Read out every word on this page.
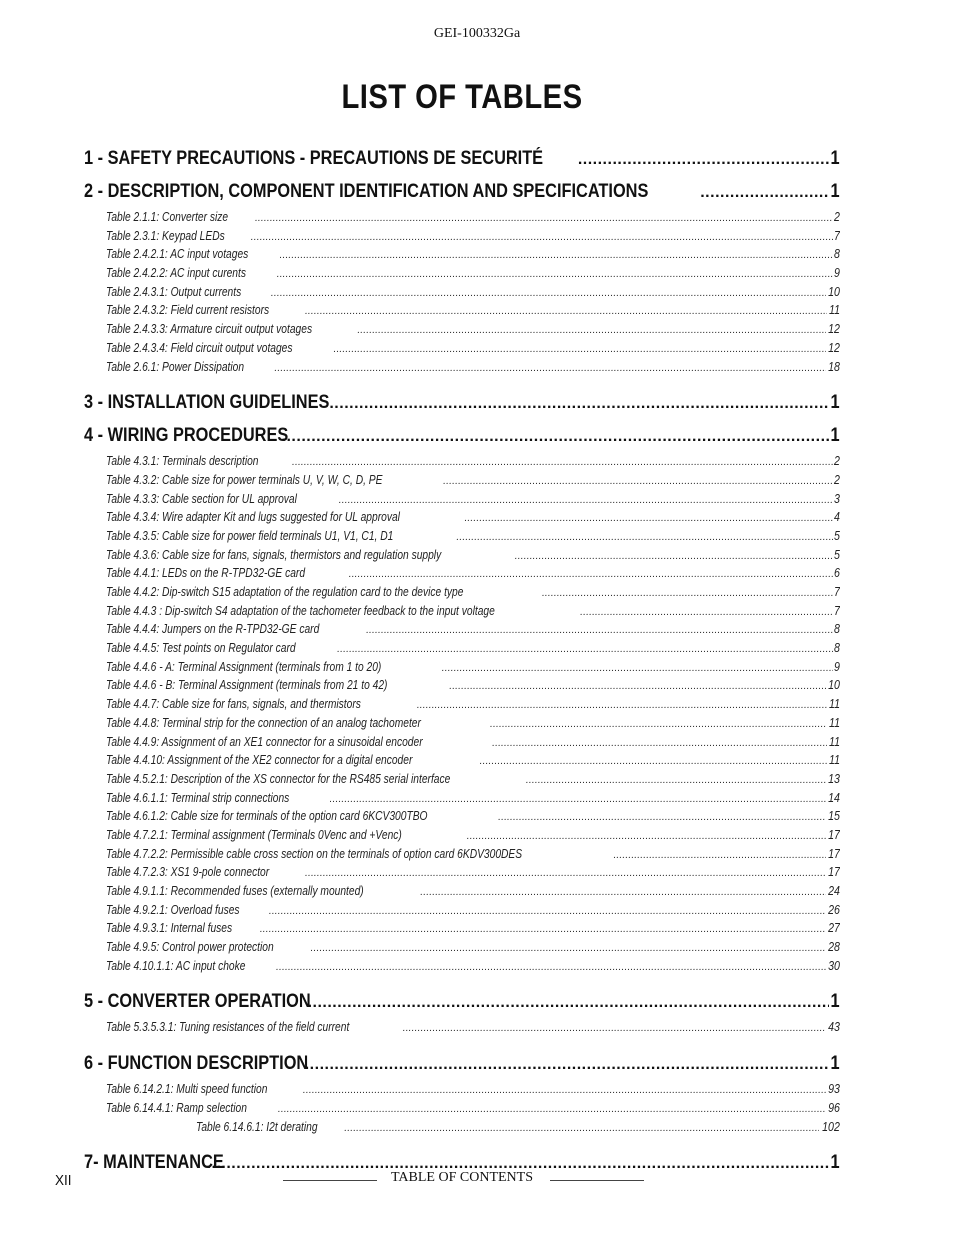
GEI-100332Ga
LIST OF TABLES
1 - SAFETY PRECAUTIONS - PRECAUTIONS DE SECURITÉ .....	1
2 - DESCRIPTION, COMPONENT IDENTIFICATION AND SPECIFICATIONS .....	1
Table 2.1.1: Converter size .....	2
Table 2.3.1: Keypad LEDs .....	7
Table 2.4.2.1: AC input votages .....	8
Table 2.4.2.2: AC input curents .....	9
Table 2.4.3.1: Output currents .....	10
Table 2.4.3.2: Field current resistors .....	11
Table 2.4.3.3: Armature circuit output votages .....	12
Table 2.4.3.4: Field circuit output votages .....	12
Table 2.6.1: Power Dissipation .....	18
3 - INSTALLATION GUIDELINES .....	1
4 - WIRING PROCEDURES .....	1
Table 4.3.1: Terminals description .....	2
Table 4.3.2: Cable size for power terminals U, V, W, C, D, PE .....	2
Table 4.3.3: Cable section for UL approval .....	3
Table 4.3.4: Wire adapter Kit and lugs suggested for UL approval .....	4
Table 4.3.5: Cable size for power field terminals U1, V1, C1, D1 .....	5
Table 4.3.6: Cable size for fans, signals, thermistors and regulation supply .....	5
Table 4.4.1: LEDs on the R-TPD32-GE card .....	6
Table 4.4.2: Dip-switch S15 adaptation of the regulation card to the device type .....	7
Table 4.4.3 : Dip-switch S4 adaptation of the tachometer feedback to the input voltage .....	7
Table 4.4.4: Jumpers on the R-TPD32-GE card .....	8
Table 4.4.5: Test points on Regulator card .....	8
Table 4.4.6 - A: Terminal Assignment (terminals from 1 to 20) .....	9
Table 4.4.6 - B: Terminal Assignment (terminals from 21 to 42) .....	10
Table 4.4.7: Cable size for fans, signals, and thermistors .....	11
Table 4.4.8: Terminal strip for the connection of an analog tachometer .....	11
Table 4.4.9: Assignment of an XE1 connector for a sinusoidal encoder .....	11
Table 4.4.10: Assignment of the XE2 connector for a digital encoder .....	11
Table 4.5.2.1: Description of the XS connector for the RS485 serial interface .....	13
Table 4.6.1.1: Terminal strip connections .....	14
Table 4.6.1.2: Cable size for terminals of the option card 6KCV300TBO .....	15
Table 4.7.2.1: Terminal assignment (Terminals 0Venc and +Venc) .....	17
Table 4.7.2.2: Permissible cable cross section on the terminals of option card 6KDV300DES .....	17
Table 4.7.2.3: XS1 9-pole connector .....	17
Table 4.9.1.1: Recommended fuses (externally mounted) .....	24
Table 4.9.2.1: Overload fuses .....	26
Table 4.9.3.1: Internal fuses .....	27
Table 4.9.5: Control power protection .....	28
Table 4.10.1.1: AC input choke .....	30
5 - CONVERTER OPERATION .....	1
Table 5.3.5.3.1: Tuning resistances of the field current .....	43
6 - FUNCTION DESCRIPTION .....	1
Table 6.14.2.1: Multi speed function .....	93
Table 6.14.4.1: Ramp selection .....	96
Table 6.14.6.1: I2t derating .....	102
7- MAINTENANCE .....	1
XII	TABLE OF CONTENTS
